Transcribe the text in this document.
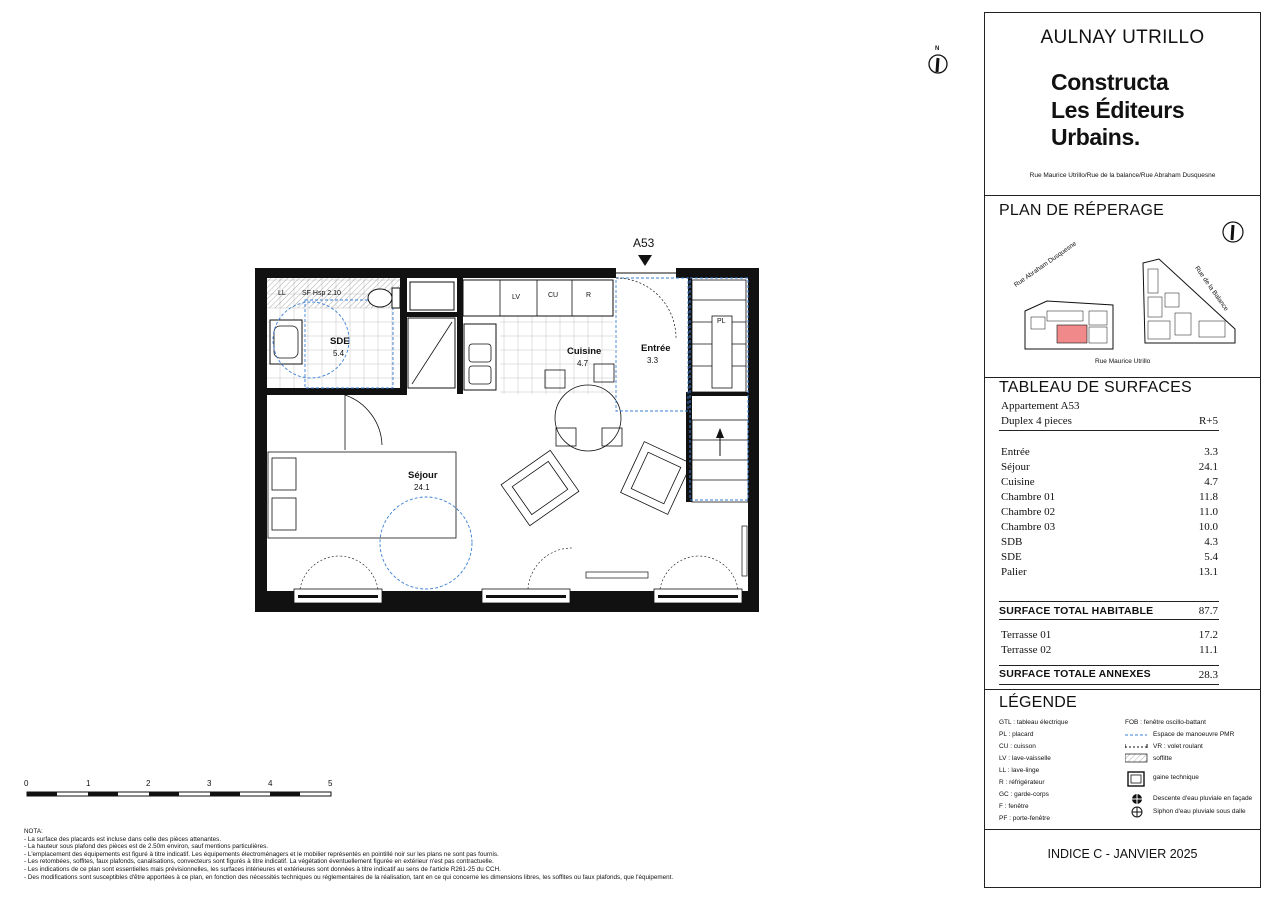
A53
N
LL SF Hsp 2.10
LV	CU	R
PL
SDE
5.4	Cuisine
4.7
Entrée
3.3
Séjour
24.1
0	1	2	3	4	5
NOTA:
- La surface des placards est incluse dans celle des pièces attenantes.
- La hauteur sous plafond des pièces est de 2.50m environ, sauf mentions particulières.
- L'emplacement des équipements est figuré à titre indicatif. Les équipements électroménagers et le mobilier représentés en pointillé noir sur les plans ne sont pas fournis.
- Les retombées, soffites, faux plafonds, canalisations, convecteurs sont figurés à titre indicatif. La végétation éventuellement figurée en extérieur n'est pas contractuelle.
- Les indications de ce plan sont essentielles mais prévisionnelles, les surfaces intérieures et extérieures sont données à titre indicatif au sens de l'article R261-25 du CCH.
- Des modifications sont susceptibles d'être apportées à ce plan, en fonction des nécessités techniques ou réglementaires de la réalisation, tant en ce qui concerne les dimensions libres, les soffites ou faux plafonds, que l'équipement.
AULNAY UTRILLO
Constructa
Les Éditeurs
Urbains.
Rue Maurice Utrillo/Rue de la balance/Rue Abraham Dusquesne
PLAN DE RÉPERAGE
Rue Abraham Dusquesne
Rue de la Balance
Rue Maurice Utrillo
TABLEAU DE SURFACES
Appartement A53
Duplex 4 pieces	R+5
Entrée	3.3
Séjour	24.1
Cuisine	4.7
Chambre 01	11.8
Chambre 02	11.0
Chambre 03	10.0
SDB	4.3
SDE	5.4
Palier	13.1
SURFACE TOTAL HABITABLE	87.7
Terrasse 01	17.2
Terrasse 02	11.1
SURFACE TOTALE ANNEXES	28.3
LÉGENDE
GTL : tableau électrique
PL : placard
CU : cuisson
LV : lave-vaisselle
LL : lave-linge
R : réfrigérateur
GC : garde-corps
F : fenêtre
PF : porte-fenêtre
FOB : fenêtre oscillo-battant
Espace de manoeuvre PMR
VR : volet roulant
soffitte
gaine technique
Descente d'eau pluviale en façade
Siphon d'eau pluviale sous dalle
INDICE C - JANVIER 2025
